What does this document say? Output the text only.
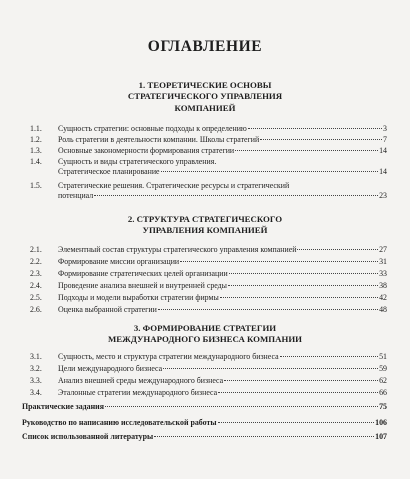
ОГЛАВЛЕНИЕ
1. ТЕОРЕТИЧЕСКИЕ ОСНОВЫ
СТРАТЕГИЧЕСКОГО УПРАВЛЕНИЯ
КОМПАНИЕЙ
1.1. Сущность стратегии: основные подходы к определению	3
1.2. Роль стратегии в деятельности компании. Школы стратегий	7
1.3. Основные закономерности формирования стратегии	14
1.4. Сущность и виды стратегического управления.
Стратегическое планирование	14
1.5. Стратегические решения. Стратегические ресурсы и стратегический
потенциал	23
2. СТРУКТУРА СТРАТЕГИЧЕСКОГО
УПРАВЛЕНИЯ КОМПАНИЕЙ
2.1. Элементный состав структуры стратегического управления компанией	27
2.2. Формирование миссии организации	31
2.3. Формирование стратегических целей организации	33
2.4. Проведение анализа внешней и внутренней среды	38
2.5. Подходы и модели выработки стратегии фирмы	42
2.6. Оценка выбранной стратегии	48
3. ФОРМИРОВАНИЕ СТРАТЕГИИ
МЕЖДУНАРОДНОГО БИЗНЕСА КОМПАНИИ
3.1. Сущность, место и структура стратегии международного бизнеса	51
3.2. Цели международного бизнеса	59
3.3. Анализ внешней среды международного бизнеса	62
3.4. Эталонные стратегии международного бизнеса	66
Практические задания	75
Руководство по написанию исследовательской работы	106
Список использованной литературы	107
